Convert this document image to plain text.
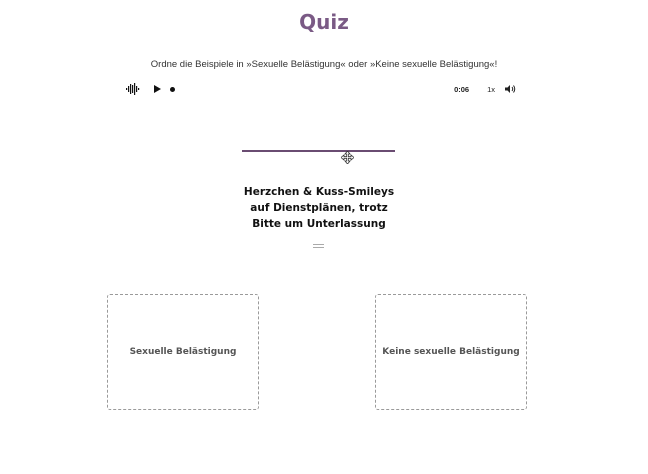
Quiz
Ordne die Beispiele in »Sexuelle Belästigung« oder »Keine sexuelle Belästigung«!
0:06 1x
Herzchen & Kuss-Smileys auf Dienstplänen, trotz Bitte um Unterlassung
Sexuelle Belästigung	Keine sexuelle Belästigung
